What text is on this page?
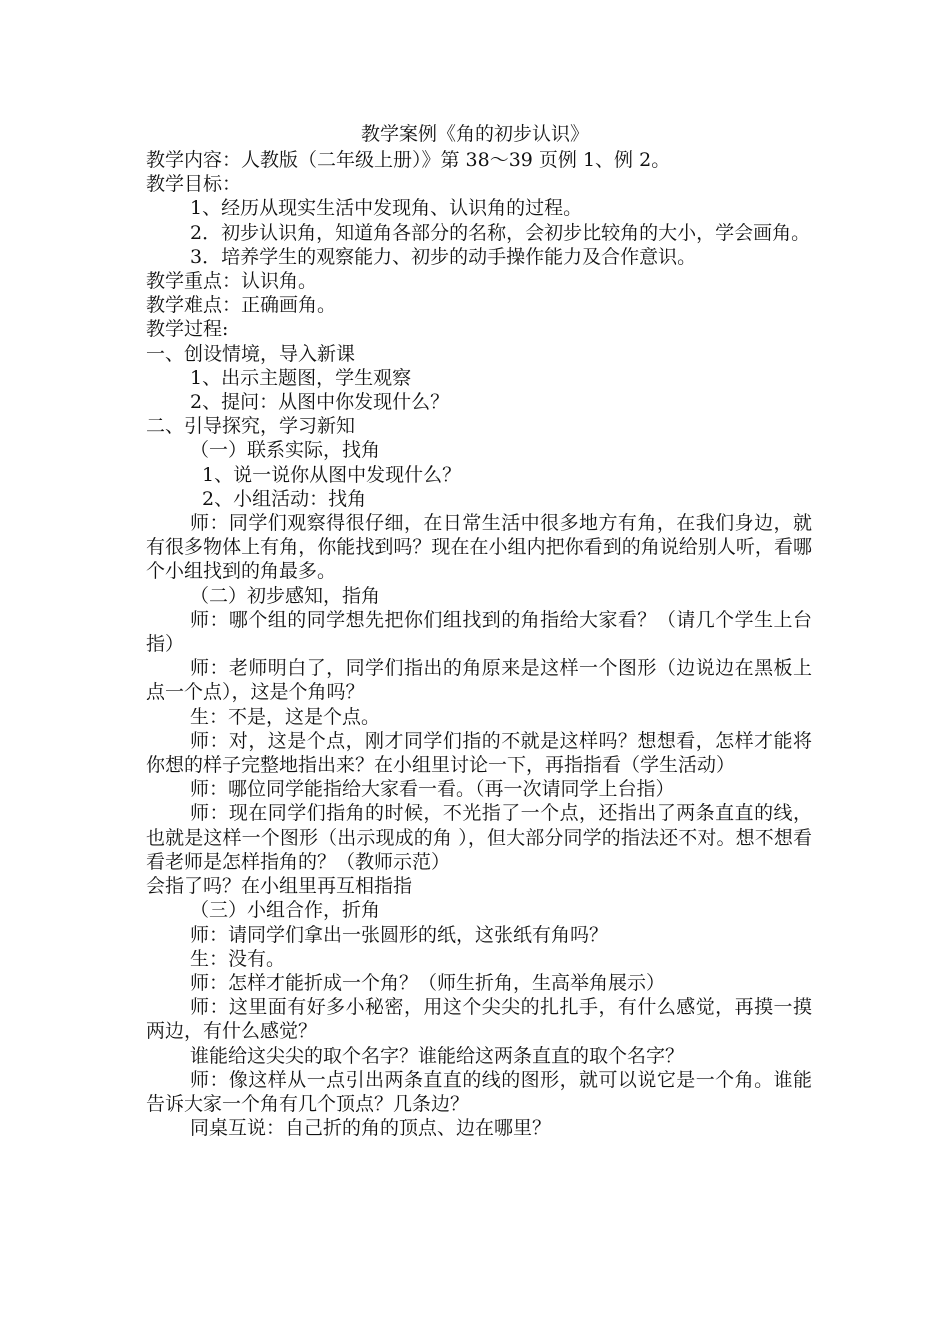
教学案例《角的初步认识》

教学内容：人教版（二年级上册）》第 38～39 页例 1、例 2。

教学目标：

1、经历从现实生活中发现角、认识角的过程。

2．初步认识角，知道角各部分的名称，会初步比较角的大小，学会画角。

3．培养学生的观察能力、初步的动手操作能力及合作意识。

教学重点：认识角。

教学难点：正确画角。

教学过程:

一、创设情境，导入新课

1、出示主题图，学生观察

2、提问：从图中你发现什么？

二、引导探究，学习新知

（一）联系实际，找角

1、说一说你从图中发现什么？

2、小组活动：找角

师：同学们观察得很仔细，在日常生活中很多地方有角，在我们身边，就有很多物体上有角，你能找到吗？现在在小组内把你看到的角说给别人听，看哪个小组找到的角最多。

（二）初步感知，指角

师：哪个组的同学想先把你们组找到的角指给大家看？（请几个学生上台指）

师：老师明白了，同学们指出的角原来是这样一个图形（边说边在黑板上点一个点），这是个角吗？

生：不是，这是个点。

师：对，这是个点，刚才同学们指的不就是这样吗？想想看，怎样才能将你想的样子完整地指出来？在小组里讨论一下，再指指看（学生活动）

师：哪位同学能指给大家看一看。（再一次请同学上台指）

师：现在同学们指角的时候，不光指了一个点，还指出了两条直直的线，也就是这样一个图形（出示现成的角 ），但大部分同学的指法还不对。想不想看看老师是怎样指角的？（教师示范）

会指了吗？在小组里再互相指指

（三）小组合作，折角

师：请同学们拿出一张圆形的纸，这张纸有角吗？

生：没有。

师：怎样才能折成一个角？（师生折角，生高举角展示）

师：这里面有好多小秘密，用这个尖尖的扎扎手，有什么感觉，再摸一摸两边，有什么感觉？

谁能给这尖尖的取个名字？谁能给这两条直直的取个名字？

师：像这样从一点引出两条直直的线的图形，就可以说它是一个角。谁能告诉大家一个角有几个顶点？几条边？

同桌互说：自己折的角的顶点、边在哪里？
